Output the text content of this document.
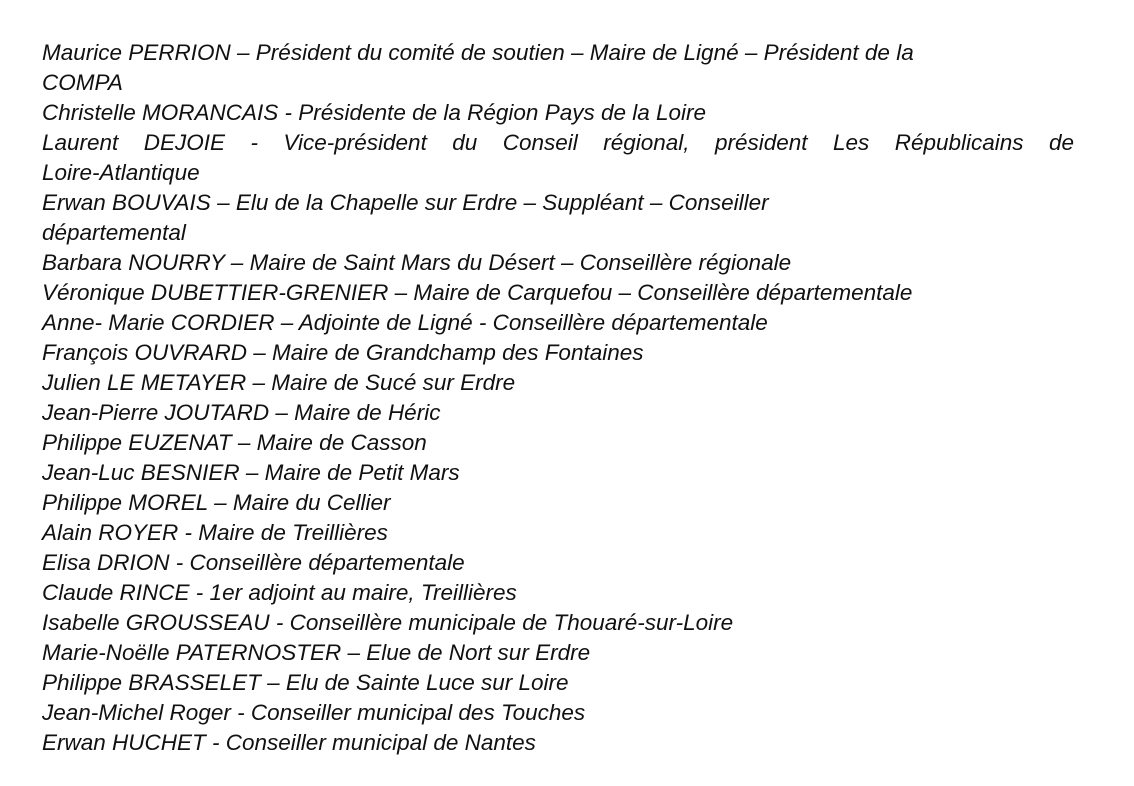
Maurice PERRION – Président du comité de soutien – Maire de Ligné – Président de la
COMPA
Christelle MORANCAIS - Présidente de la Région Pays de la Loire
Laurent DEJOIE - Vice-président du Conseil régional, président Les Républicains de
Loire-Atlantique
Erwan BOUVAIS – Elu de la Chapelle sur Erdre – Suppléant – Conseiller
départemental
Barbara NOURRY – Maire de Saint Mars du Désert – Conseillère régionale
Véronique DUBETTIER-GRENIER – Maire de Carquefou – Conseillère départementale
Anne- Marie CORDIER – Adjointe de Ligné - Conseillère départementale
François OUVRARD – Maire de Grandchamp des Fontaines
Julien LE METAYER – Maire de Sucé sur Erdre
Jean-Pierre JOUTARD – Maire de Héric
Philippe EUZENAT – Maire de Casson
Jean-Luc BESNIER – Maire de Petit Mars
Philippe MOREL – Maire du Cellier
Alain ROYER - Maire de Treillières
Elisa DRION - Conseillère départementale
Claude RINCE - 1er adjoint au maire, Treillières
Isabelle GROUSSEAU - Conseillère municipale de Thouaré-sur-Loire
Marie-Noëlle PATERNOSTER – Elue de Nort sur Erdre
Philippe BRASSELET – Elu de Sainte Luce sur Loire
Jean-Michel Roger - Conseiller municipal des Touches
Erwan HUCHET - Conseiller municipal de Nantes
